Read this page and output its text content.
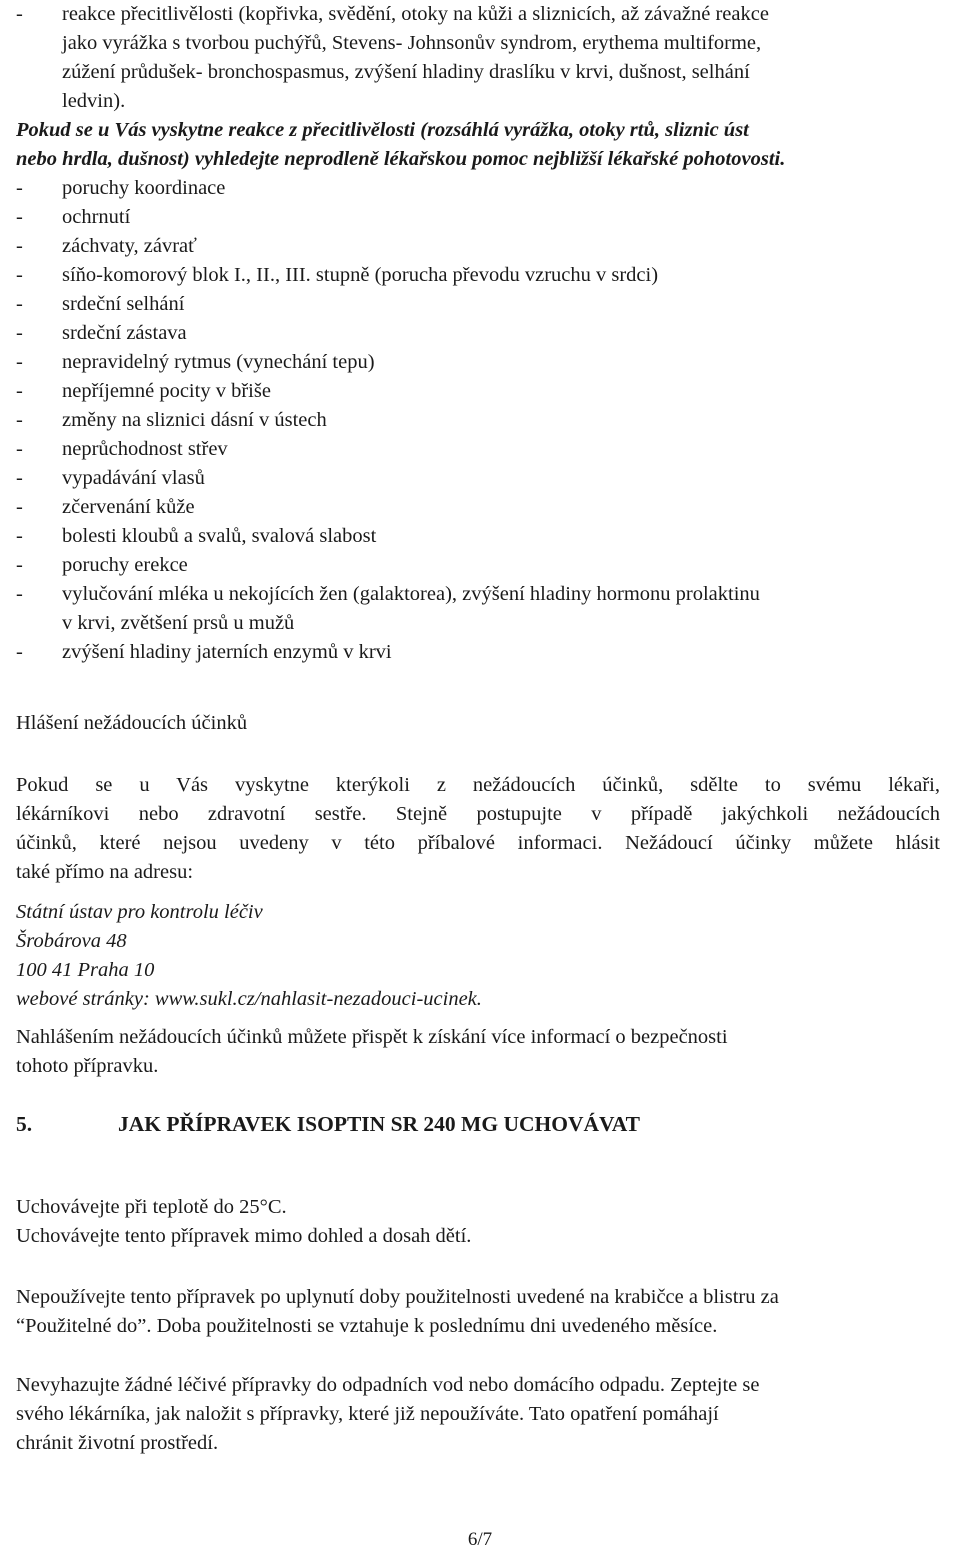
- reakce přecitlivělosti (kopřivka, svědění, otoky na kůži a sliznicích, až závažné reakce
jako vyrážka s tvorbou puchýřů, Stevens- Johnsonův syndrom, erythema multiforme,
zúžení průdušek- bronchospasmus, zvýšení hladiny draslíku v krvi, dušnost, selhání
ledvin).
Pokud se u Vás vyskytne reakce z přecitlivělosti (rozsáhlá vyrážka, otoky rtů, sliznic úst
nebo hrdla, dušnost) vyhledejte neprodleně lékařskou pomoc nejbližší lékařské pohotovosti.
- poruchy koordinace
- ochrnutí
- záchvaty, závrať
- síňo-komorový blok I., II., III. stupně (porucha převodu vzruchu v srdci)
- srdeční selhání
- srdeční zástava
- nepravidelný rytmus (vynechání tepu)
- nepříjemné pocity v břiše
- změny na sliznici dásní v ústech
- neprůchodnost střev
- vypadávání vlasů
- zčervenání kůže
- bolesti kloubů a svalů, svalová slabost
- poruchy erekce
- vylučování mléka u nekojících žen (galaktorea), zvýšení hladiny hormonu prolaktinu
v krvi, zvětšení prsů u mužů
- zvýšení hladiny jaterních enzymů v krvi
Hlášení nežádoucích účinků
Pokud se u Vás vyskytne kterýkoli z nežádoucích účinků, sdělte to svému lékaři,
lékárníkovi nebo zdravotní sestře. Stejně postupujte v případě jakýchkoli nežádoucích
účinků, které nejsou uvedeny v této příbalové informaci. Nežádoucí účinky můžete hlásit
také přímo na adresu:
Státní ústav pro kontrolu léčiv
Šrobárova 48
100 41 Praha 10
webové stránky: www.sukl.cz/nahlasit-nezadouci-ucinek.
Nahlášením nežádoucích účinků můžete přispět k získání více informací o bezpečnosti
tohoto přípravku.
5.	JAK PŘÍPRAVEK ISOPTIN SR 240 MG UCHOVÁVAT
Uchovávejte při teplotě do 25°C.
Uchovávejte tento přípravek mimo dohled a dosah dětí.
Nepoužívejte tento přípravek po uplynutí doby použitelnosti uvedené na krabičce a blistru za
“Použitelné do”. Doba použitelnosti se vztahuje k poslednímu dni uvedeného měsíce.
Nevyhazujte žádné léčivé přípravky do odpadních vod nebo domácího odpadu. Zeptejte se
svého lékárníka, jak naložit s přípravky, které již nepoužíváte. Tato opatření pomáhají
chránit životní prostředí.
6/7
